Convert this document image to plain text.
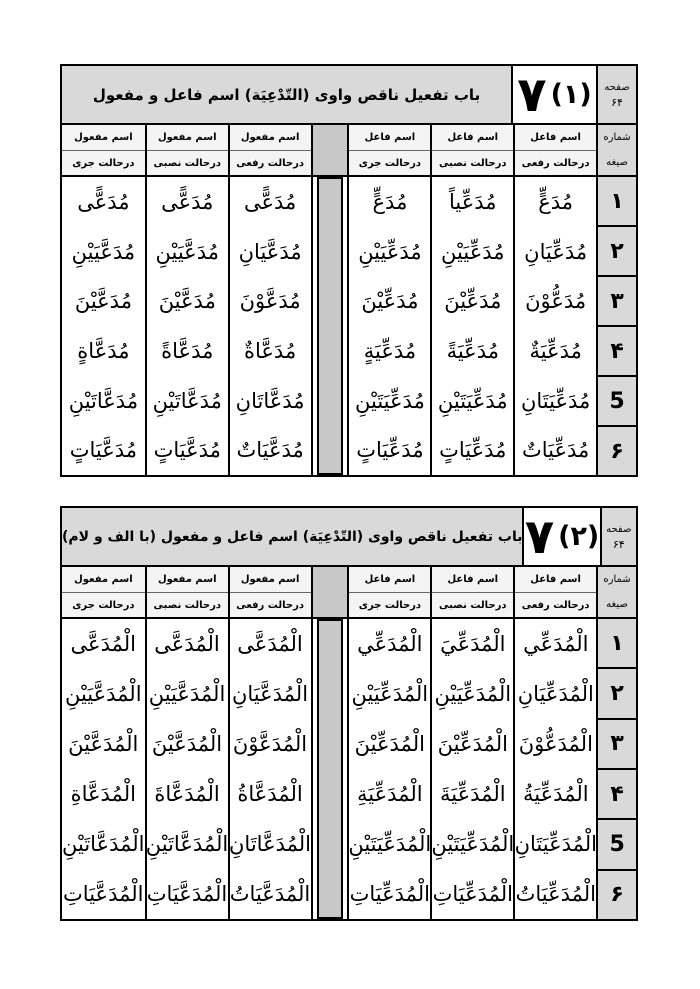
صفحه
۶۴
۷ (۱)
باب تفعیل ناقص واوی (التّدْعِیَة) اسم فاعل و مفعول
شماره
صیغه
اسم فاعل
درحالت رفعی
اسم فاعل
درحالت نصبی
اسم فاعل
درحالت جری
اسم مفعول
درحالت رفعی
اسم مفعول
درحالت نصبی
اسم مفعول
درحالت جری
۱
۲
۳
۴
5
۶
مُدَعٍّ
مُدَعِّیَانِ
مُدَعُّوْنَ
مُدَعِّیَةٌ
مُدَعِّیَتَانِ
مُدَعِّیَاتٌ
مُدَعِّیاً
مُدَعِّیَیْنِ
مُدَعِّیْنَ
مُدَعِّیَةً
مُدَعِّیَتَیْنِ
مُدَعِّیَاتٍ
مُدَعٍّ
مُدَعِّیَیْنِ
مُدَعِّیْنَ
مُدَعِّیَةٍ
مُدَعِّیَتَیْنِ
مُدَعِّیَاتٍ
مُدَعًّی
مُدَعَّیَانِ
مُدَعَّوْنَ
مُدَعَّاةٌ
مُدَعَّاتَانِ
مُدَعَّیَاتٌ
مُدَعًّی
مُدَعَّیَیْنِ
مُدَعَّیْنَ
مُدَعَّاةً
مُدَعَّاتَیْنِ
مُدَعَّیَاتٍ
مُدَعًّی
مُدَعَّیَیْنِ
مُدَعَّیْنَ
مُدَعَّاةٍ
مُدَعَّاتَیْنِ
مُدَعَّیَاتٍ
صفحه
۶۴
۷ (۲)
باب تفعیل ناقص واوی (التّدْعِیَة) اسم فاعل و مفعول (با الف و لام)
شماره
صیغه
اسم فاعل
درحالت رفعی
اسم فاعل
درحالت نصبی
اسم فاعل
درحالت جری
اسم مفعول
درحالت رفعی
اسم مفعول
درحالت نصبی
اسم مفعول
درحالت جری
۱
۲
۳
۴
5
۶
الْمُدَعِّي
الْمُدَعِّیَانِ
الْمُدَعُّوْنَ
الْمُدَعِّیَةُ
الْمُدَعِّیَتَانِ
الْمُدَعِّیَاتُ
الْمُدَعِّيَ
الْمُدَعِّیَیْنِ
الْمُدَعِّیْنَ
الْمُدَعِّیَةَ
الْمُدَعِّیَتَیْنِ
الْمُدَعِّیَاتِ
الْمُدَعِّي
الْمُدَعِّیَیْنِ
الْمُدَعِّیْنَ
الْمُدَعِّیَةِ
الْمُدَعِّیَتَیْنِ
الْمُدَعِّیَاتِ
الْمُدَعَّى
الْمُدَعَّیَانِ
الْمُدَعَّوْنَ
الْمُدَعَّاةُ
الْمُدَعَّاتَانِ
الْمُدَعَّیَاتُ
الْمُدَعَّى
الْمُدَعَّیَیْنِ
الْمُدَعَّیْنَ
الْمُدَعَّاةَ
الْمُدَعَّاتَیْنِ
الْمُدَعَّیَاتِ
الْمُدَعَّى
الْمُدَعَّیَیْنِ
الْمُدَعَّیْنَ
الْمُدَعَّاةِ
الْمُدَعَّاتَیْنِ
الْمُدَعَّیَاتِ
